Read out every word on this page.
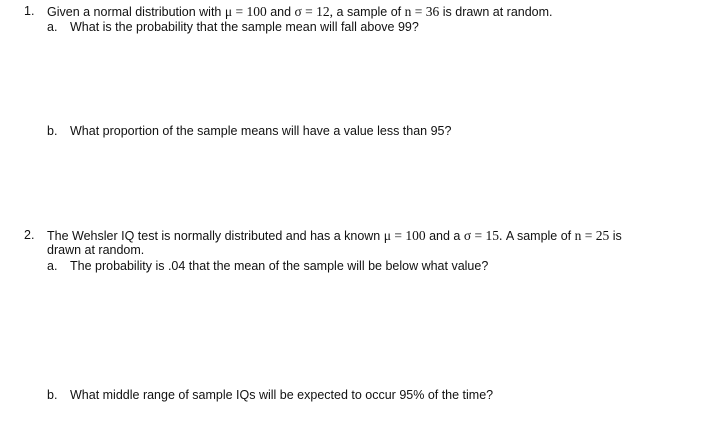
1. Given a normal distribution with μ = 100 and σ = 12, a sample of n = 36 is drawn at random.
a. What is the probability that the sample mean will fall above 99?
b. What proportion of the sample means will have a value less than 95?
2. The Wehsler IQ test is normally distributed and has a known μ = 100 and a σ = 15. A sample of n = 25 is
drawn at random.
a. The probability is .04 that the mean of the sample will be below what value?
b. What middle range of sample IQs will be expected to occur 95% of the time?
